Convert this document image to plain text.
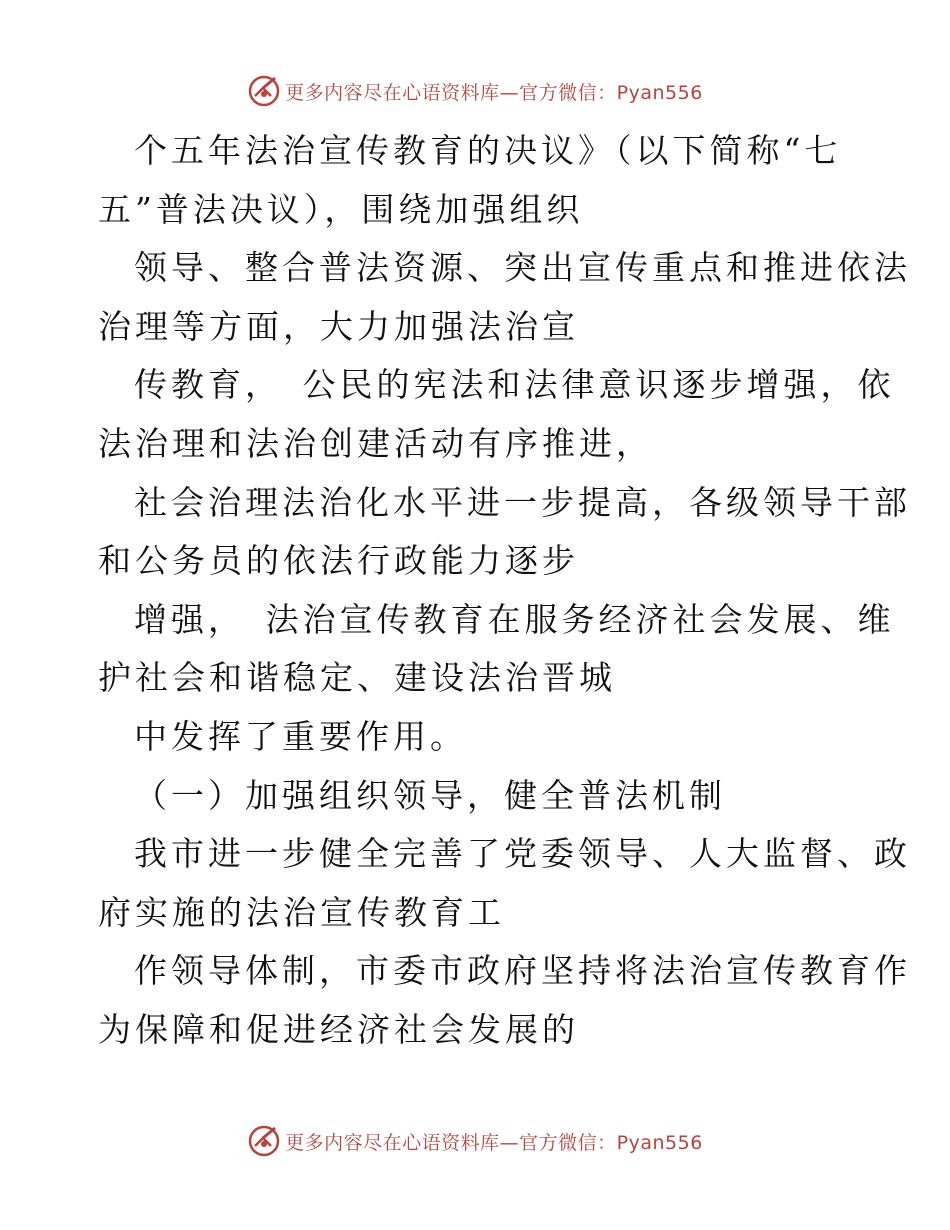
更多内容尽在心语资料库—官方微信：Pyan556
个五年法治宣传教育的决议》（以下简称“七
五”普法决议），围绕加强组织
领导、整合普法资源、突出宣传重点和推进依法
治理等方面，大力加强法治宣
传教育，　公民的宪法和法律意识逐步增强，依
法治理和法治创建活动有序推进，
社会治理法治化水平进一步提高，各级领导干部
和公务员的依法行政能力逐步
增强，　法治宣传教育在服务经济社会发展、维
护社会和谐稳定、建设法治晋城
中发挥了重要作用。
（一）加强组织领导，健全普法机制
我市进一步健全完善了党委领导、人大监督、政
府实施的法治宣传教育工
作领导体制，市委市政府坚持将法治宣传教育作
为保障和促进经济社会发展的
更多内容尽在心语资料库—官方微信：Pyan556
